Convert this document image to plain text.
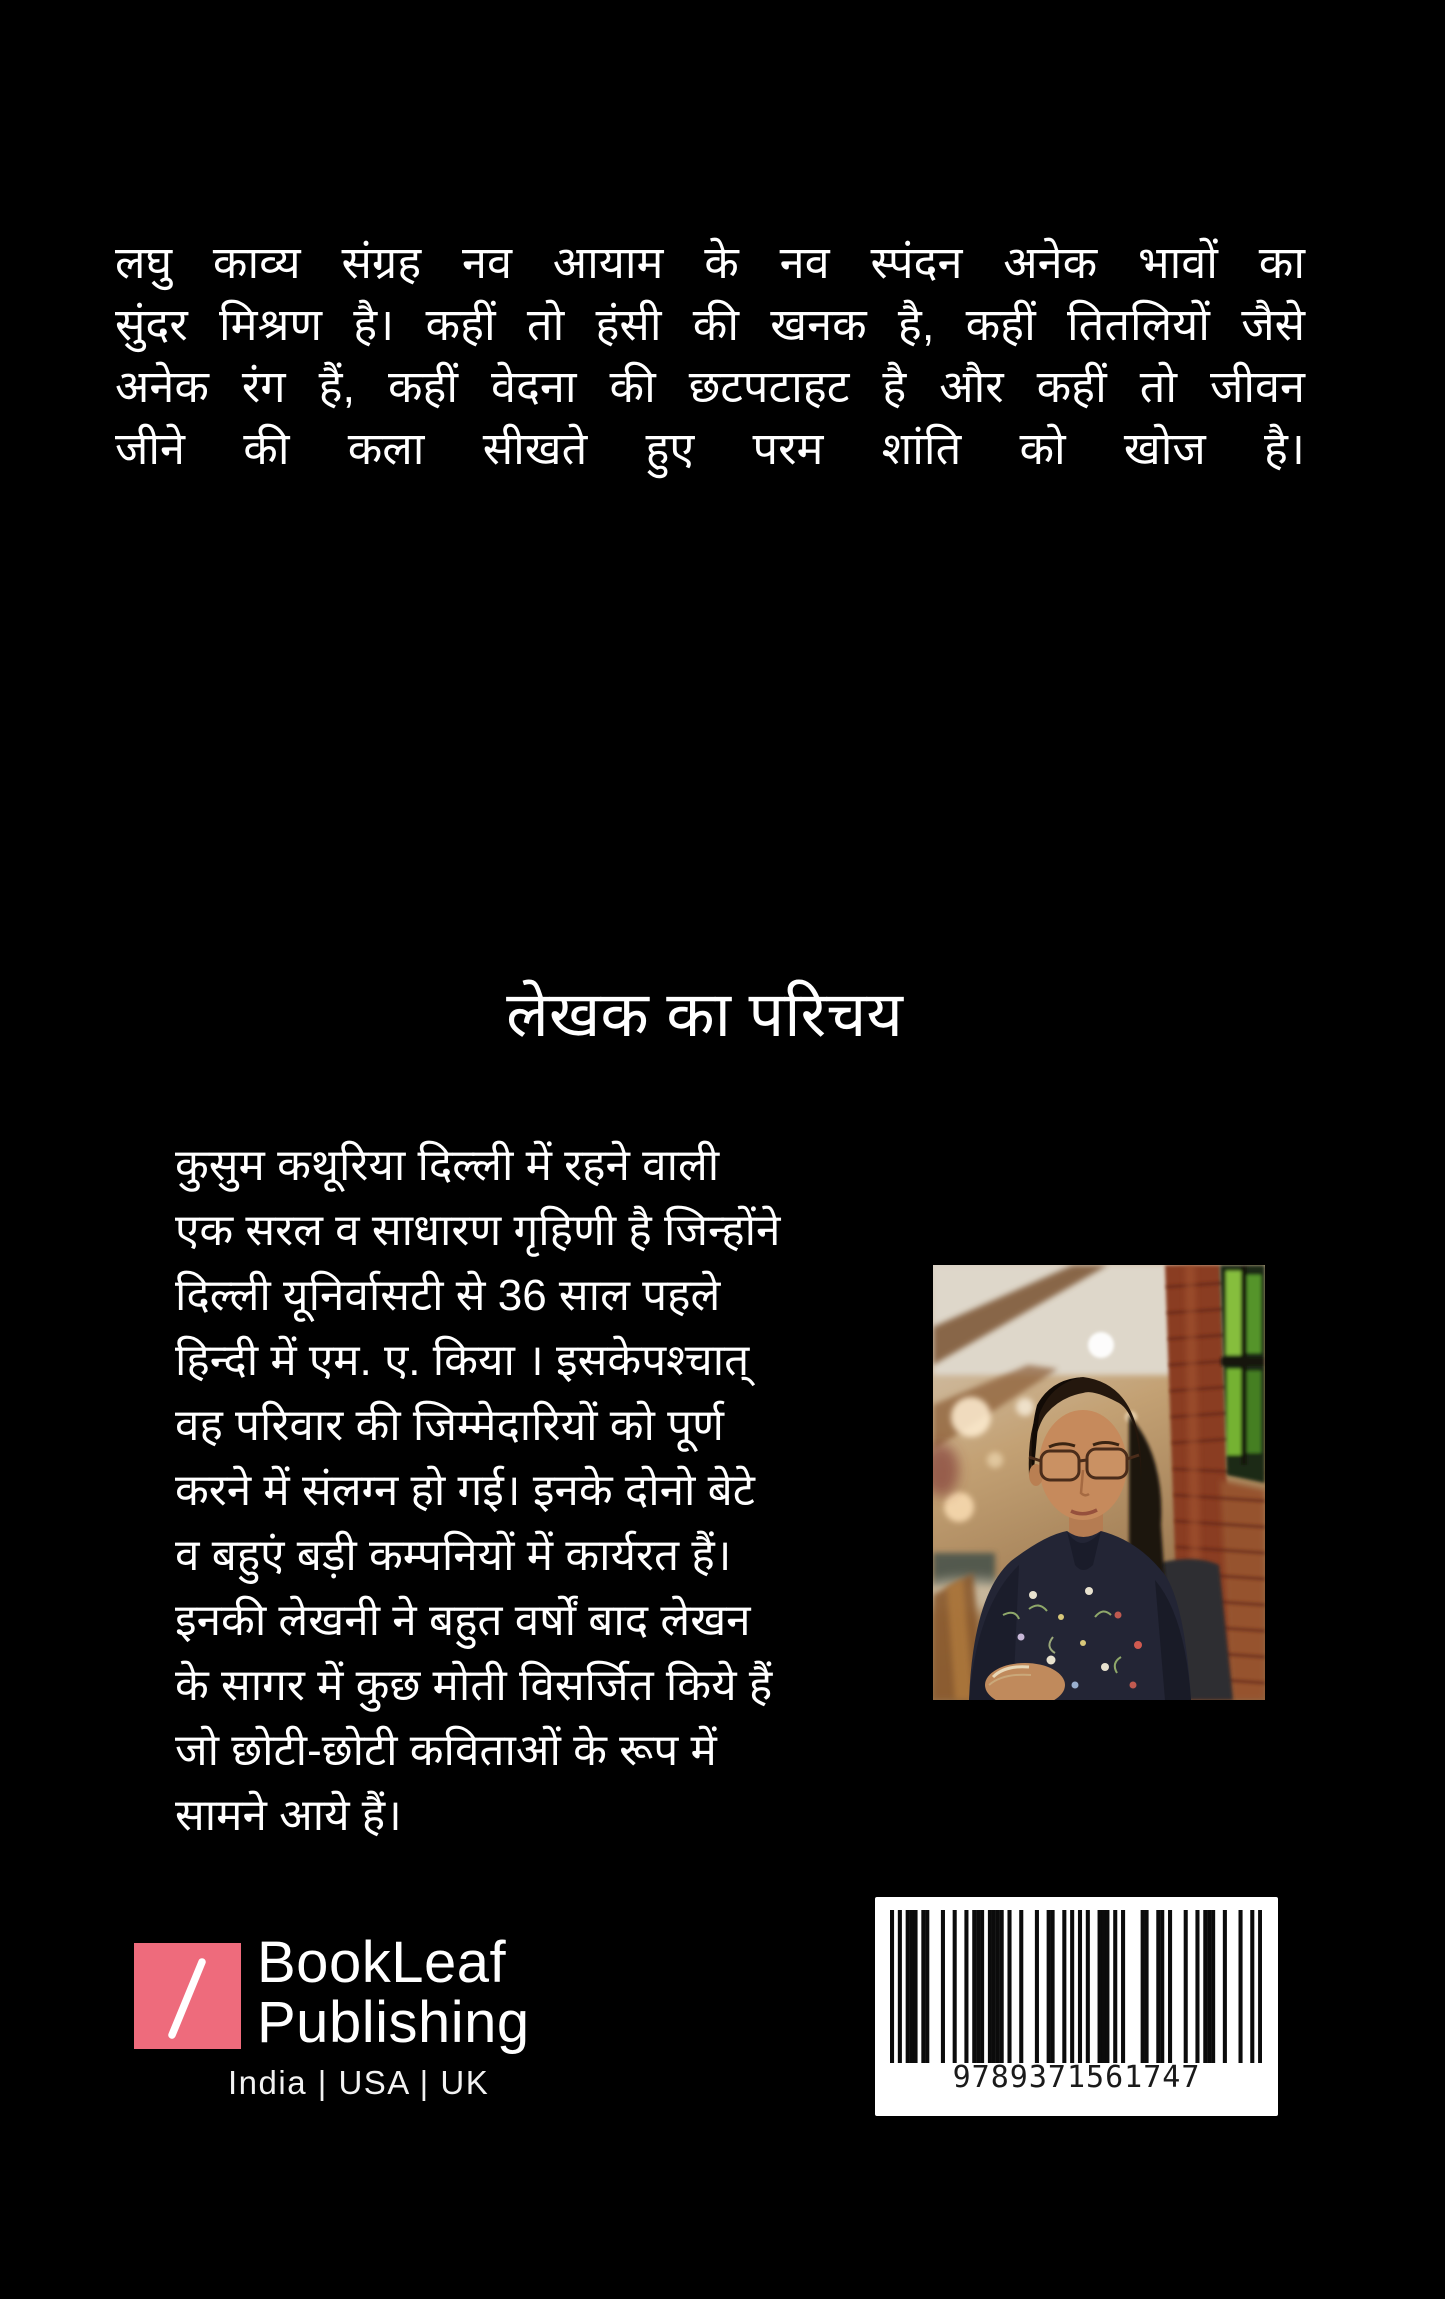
लघु काव्य संग्रह नव आयाम के नव स्पंदन अनेक भावों का
सुंदर मिश्रण है। कहीं तो हंसी की खनक है, कहीं तितलियों जैसे
अनेक रंग हैं, कहीं वेदना की छटपटाहट है और कहीं तो जीवन
जीने की कला सीखते हुए परम शांति को खोज है।
लेखक का परिचय
कुसुम कथूरिया दिल्ली में रहने वाली
एक सरल व साधारण गृहिणी है जिन्होंने
दिल्ली यूनिर्वासटी से 36 साल पहले
हिन्दी में एम. ए. किया । इसकेपश्चात्
वह परिवार की जिम्मेदारियों को पूर्ण
करने में संलग्न हो गई। इनके दोनो बेटे
व बहुएं बड़ी कम्पनियों में कार्यरत हैं।
इनकी लेखनी ने बहुत वर्षों बाद लेखन
के सागर में कुछ मोती विसर्जित किये हैं
जो छोटी-छोटी कविताओं के रूप में
सामने आये हैं।
BookLeaf
Publishing
India | USA | UK	9789371561747
